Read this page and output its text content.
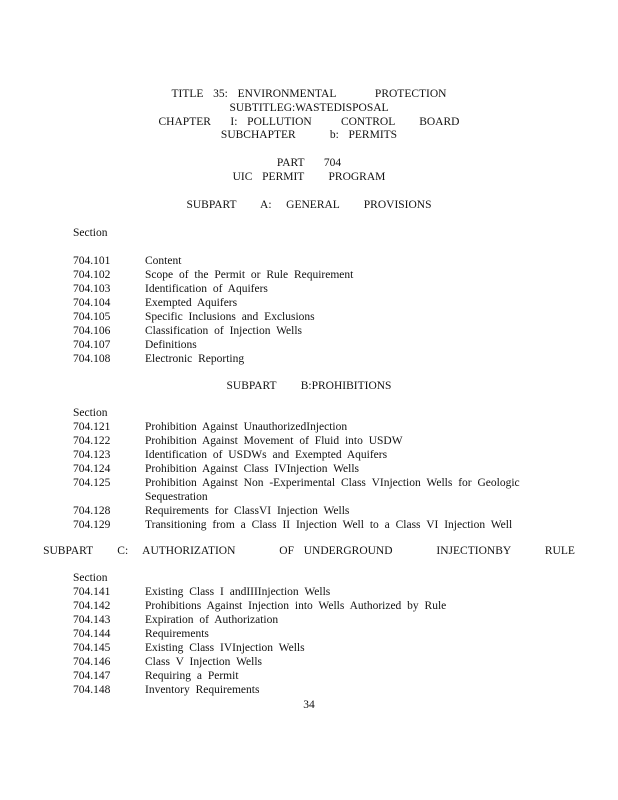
TITLE  35:  ENVIRONMENTAL        PROTECTION
SUBTITLEG:WASTEDISPOSAL
CHAPTER    I:  POLLUTION      CONTROL     BOARD
SUBCHAPTER       b:  PERMITS
PART    704
UIC  PERMIT     PROGRAM
SUBPART     A:   GENERAL     PROVISIONS
Section
704.101	Content
704.102	Scope of the Permit or Rule Requirement
704.103	Identification of Aquifers
704.104	Exempted Aquifers
704.105	Specific Inclusions and Exclusions
704.106	Classification of Injection Wells
704.107	Definitions
704.108	Electronic Reporting
SUBPART     B:PROHIBITIONS
Section
704.121	Prohibition Against UnauthorizedInjection
704.122	Prohibition Against Movement of Fluid into USDW
704.123	Identification of USDWs and Exempted Aquifers
704.124	Prohibition Against Class IVInjection Wells
704.125	Prohibition Against Non -Experimental Class VInjection Wells for Geologic Sequestration
704.128	Requirements for ClassVI Injection Wells
704.129	Transitioning from a Class II Injection Well to a Class VI Injection Well
SUBPART     C:   AUTHORIZATION         OF  UNDERGROUND         INJECTIONBY       RULE
Section
704.141	Existing Class I andIIIInjection Wells
704.142	Prohibitions Against Injection into Wells Authorized by Rule
704.143	Expiration of Authorization
704.144	Requirements
704.145	Existing Class IVInjection Wells
704.146	Class V Injection Wells
704.147	Requiring a Permit
704.148	Inventory Requirements
34
